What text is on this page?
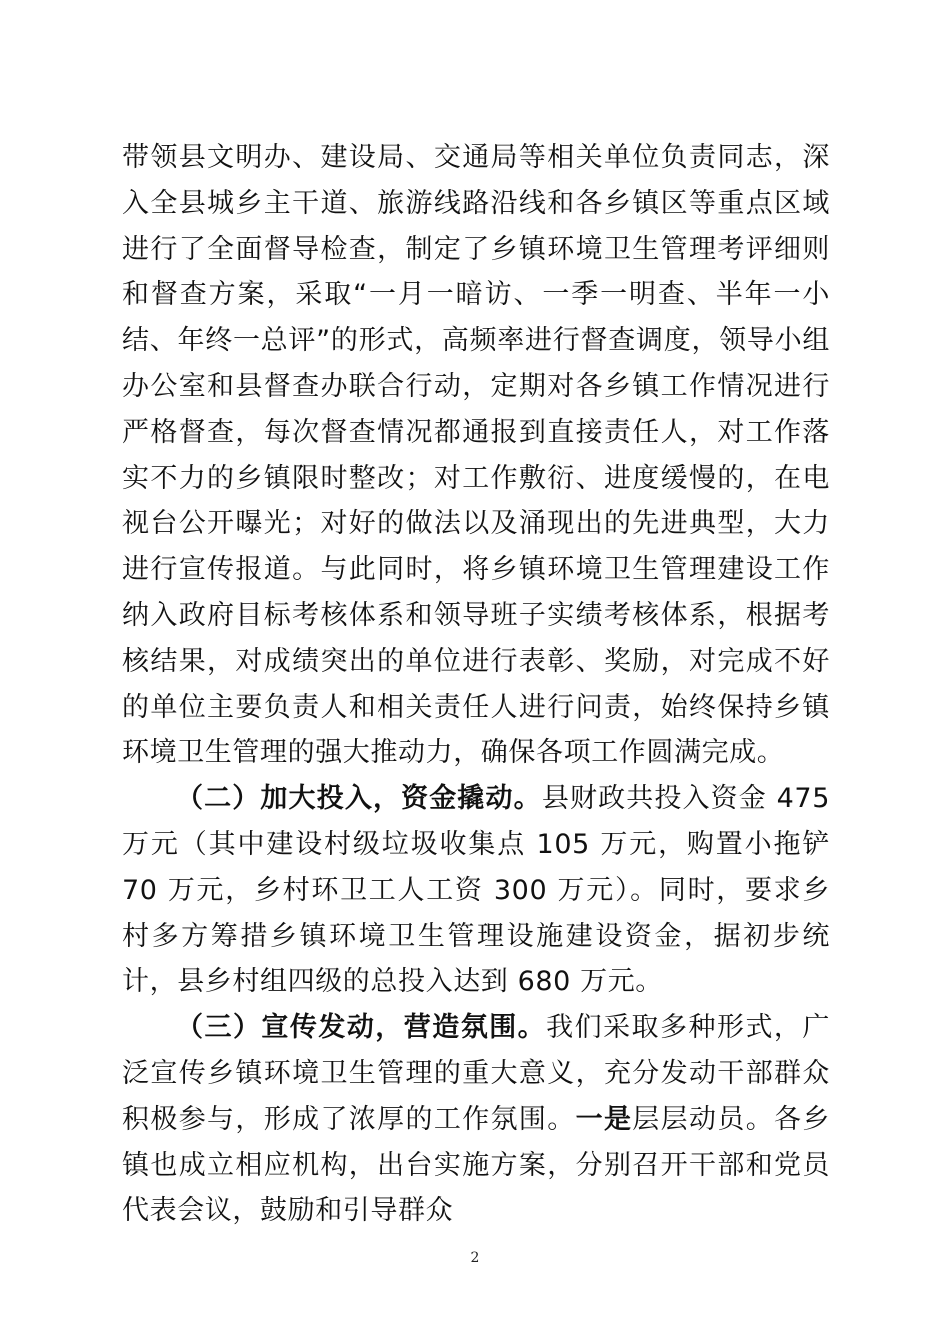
带领县文明办、建设局、交通局等相关单位负责同志，深入全县城乡主干道、旅游线路沿线和各乡镇区等重点区域进行了全面督导检查，制定了乡镇环境卫生管理考评细则和督查方案，采取“一月一暗访、一季一明查、半年一小结、年终一总评”的形式，高频率进行督查调度，领导小组办公室和县督查办联合行动，定期对各乡镇工作情况进行严格督查，每次督查情况都通报到直接责任人，对工作落实不力的乡镇限时整改；对工作敷衍、进度缓慢的，在电视台公开曝光；对好的做法以及涌现出的先进典型，大力进行宣传报道。与此同时，将乡镇环境卫生管理建设工作纳入政府目标考核体系和领导班子实绩考核体系，根据考核结果，对成绩突出的单位进行表彰、奖励，对完成不好的单位主要负责人和相关责任人进行问责，始终保持乡镇环境卫生管理的强大推动力，确保各项工作圆满完成。

（二）加大投入，资金撬动。县财政共投入资金 475 万元（其中建设村级垃圾收集点 105 万元，购置小拖铲 70 万元，乡村环卫工人工资 300 万元）。同时，要求乡村多方筹措乡镇环境卫生管理设施建设资金，据初步统计，县乡村组四级的总投入达到 680 万元。

（三）宣传发动，营造氛围。我们采取多种形式，广泛宣传乡镇环境卫生管理的重大意义，充分发动干部群众积极参与，形成了浓厚的工作氛围。一是层层动员。各乡镇也成立相应机构，出台实施方案，分别召开干部和党员代表会议，鼓励和引导群众

2
